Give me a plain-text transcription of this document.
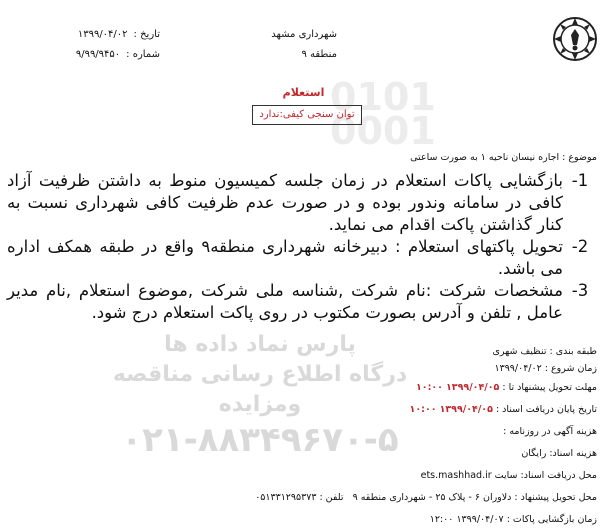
0101
0001
پارس نماد داده ها
درگاه اطلاع رسانی مناقصه ومزایده
۰۲۱-۸۸۳۴۹۶۷۰-۵
شهرداری مشهد
منطقه ۹
تاریخ :
۱۳۹۹/۰۴/۰۲
شماره :
۹/۹۹/۹۴۵۰
استعلام
توان سنجی کیفی:ندارد
موضوع : اجاره نیسان ناحیه ۱ به صورت ساعتی
1-
بازگشایی پاکات استعلام در زمان جلسه کمیسیون منوط به داشتن ظرفیت آزاد کافی در سامانه وندور بوده و در صورت عدم ظرفیت کافی شهرداری نسبت به کنار گذاشتن پاکت اقدام می نماید.
2-
تحویل پاکتهای استعلام : دبیرخانه شهرداری منطقه۹ واقع در طبقه همکف اداره می باشد.
3-
مشخصات شرکت :نام شرکت ,شناسه ملی شرکت ,موضوع استعلام ,نام مدیر عامل , تلفن و آدرس بصورت مکتوب در روی پاکت استعلام درج شود.
طبقه بندی : تنظیف شهری
زمان شروع : ۱۳۹۹/۰۴/۰۲
مهلت تحویل پیشنهاد تا : ۱۳۹۹/۰۴/۰۵ ۱۰:۰۰
تاریخ پایان دریافت اسناد : ۱۳۹۹/۰۴/۰۵ ۱۰:۰۰
هزینه آگهی در روزنامه :
هزینه اسناد: رایگان
محل دریافت اسناد: سایت ets.mashhad.ir
محل تحویل پیشنهاد : دلاوران ۶ - پلاک ۲۵ - شهرداری منطقه ۹   تلفن : ۰۵۱۳۳۱۲۹۵۳۷۳
زمان بازگشایی پاکات : ۱۳۹۹/۰۴/۰۷ ۱۲:۰۰
